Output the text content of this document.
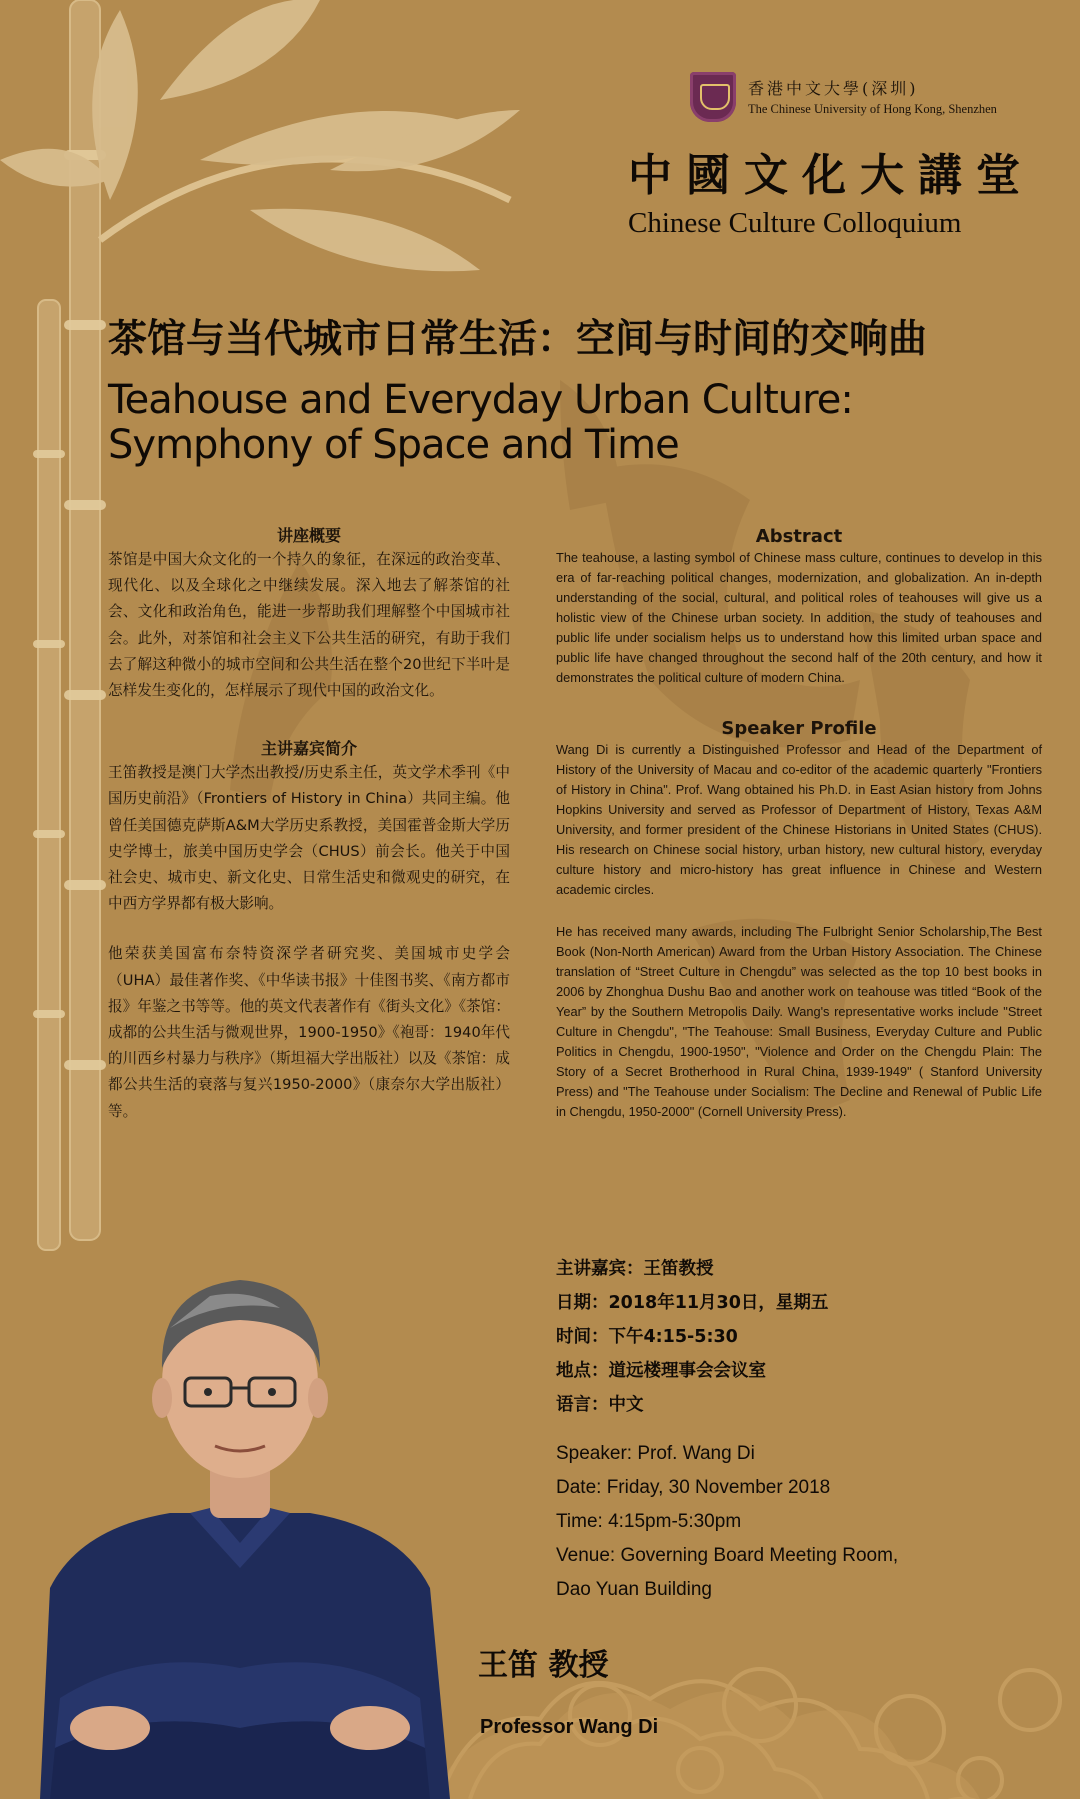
香港中文大學(深圳)
The Chinese University of Hong Kong, Shenzhen
中國文化大講堂
Chinese Culture Colloquium
茶馆与当代城市日常生活：空间与时间的交响曲
Teahouse and Everyday Urban Culture:
Symphony of Space and Time
讲座概要

茶馆是中国大众文化的一个持久的象征，在深远的政治变革、现代化、以及全球化之中继续发展。深入地去了解茶馆的社会、文化和政治角色，能进一步帮助我们理解整个中国城市社会。此外，对茶馆和社会主义下公共生活的研究，有助于我们去了解这种微小的城市空间和公共生活在整个20世纪下半叶是怎样发生变化的，怎样展示了现代中国的政治文化。

主讲嘉宾简介

王笛教授是澳门大学杰出教授/历史系主任，英文学术季刊《中国历史前沿》（Frontiers of History in China）共同主编。他曾任美国德克萨斯A&M大学历史系教授，美国霍普金斯大学历史学博士，旅美中国历史学会（CHUS）前会长。他关于中国社会史、城市史、新文化史、日常生活史和微观史的研究，在中西方学界都有极大影响。

他荣获美国富布奈特资深学者研究奖、美国城市史学会（UHA）最佳著作奖、《中华读书报》十佳图书奖、《南方都市报》年鉴之书等等。他的英文代表著作有《街头文化》《茶馆：成都的公共生活与微观世界，1900-1950》《袍哥：1940年代的川西乡村暴力与秩序》（斯坦福大学出版社）以及《茶馆：成都公共生活的衰落与复兴1950-2000》（康奈尔大学出版社）等。

Abstract

The teahouse, a lasting symbol of Chinese mass culture, continues to develop in this era of far-reaching political changes, modernization, and globalization. An in-depth understanding of the social, cultural, and political roles of teahouses will give us a holistic view of the Chinese urban society. In addition, the study of teahouses and public life under socialism helps us to understand how this limited urban space and public life have changed throughout the second half of the 20th century, and how it demonstrates the political culture of modern China.

Speaker Profile

Wang Di is currently a Distinguished Professor and Head of the Department of History of the University of Macau and co-editor of the academic quarterly "Frontiers of History in China". Prof. Wang obtained his Ph.D. in East Asian history from Johns Hopkins University and served as Professor of Department of History, Texas A&M University, and former president of the Chinese Historians in United States (CHUS). His research on Chinese social history, urban history, new cultural history, everyday culture history and micro-history has great influence in Chinese and Western academic circles.

He has received many awards, including The Fulbright Senior Scholarship,The Best Book (Non-North American) Award from the Urban History Association. The Chinese translation of “Street Culture in Chengdu” was selected as the top 10 best books in 2006 by Zhonghua Dushu Bao and another work on teahouse was titled “Book of the Year” by the Southern Metropolis Daily. Wang's representative works include "Street Culture in Chengdu", "The Teahouse: Small Business, Everyday Culture and Public Politics in Chengdu, 1900-1950", "Violence and Order on the Chengdu Plain: The Story of a Secret Brotherhood in Rural China, 1939-1949" ( Stanford University Press) and "The Teahouse under Socialism: The Decline and Renewal of Public Life in Chengdu, 1950-2000" (Cornell University Press).

主讲嘉宾：王笛教授
日期：2018年11月30日，星期五
时间：下午4:15-5:30
地点：道远楼理事会会议室
语言：中文
Speaker: Prof. Wang Di
Date: Friday, 30 November 2018
Time: 4:15pm-5:30pm
Venue: Governing Board Meeting Room,
Dao Yuan Building
王笛 教授
Professor Wang Di
